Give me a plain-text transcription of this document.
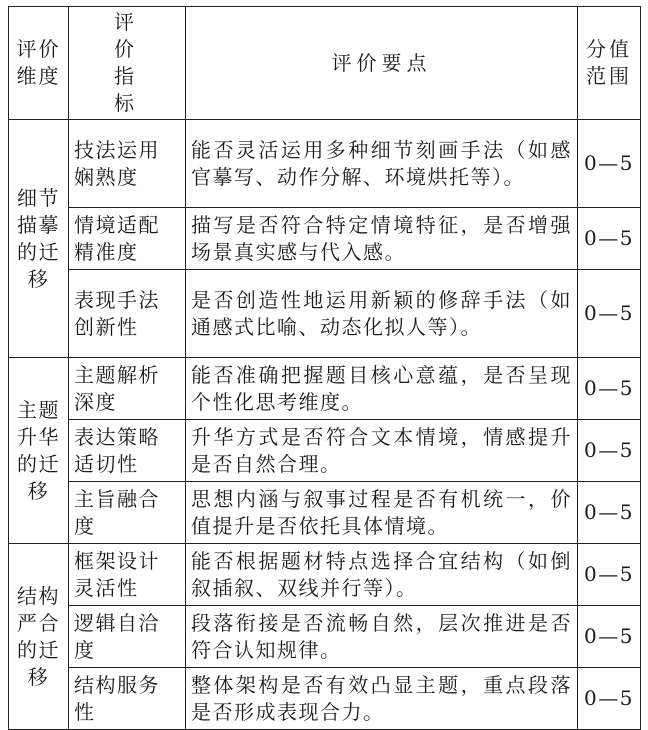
评价维度	评价指标	评价要点	分值范围

细节描摹的迁移	技法运用娴熟度	能否灵活运用多种细节刻画手法（如感官摹写、动作分解、环境烘托等）。	0—5
	情境适配精准度	描写是否符合特定情境特征，是否增强场景真实感与代入感。	0—5
	表现手法创新性	是否创造性地运用新颖的修辞手法（如通感式比喻、动态化拟人等）。	0—5

主题升华的迁移	主题解析深度	能否准确把握题目核心意蕴，是否呈现个性化思考维度。	0—5
	表达策略适切性	升华方式是否符合文本情境，情感提升是否自然合理。	0—5
	主旨融合度	思想内涵与叙事过程是否有机统一，价值提升是否依托具体情境。	0—5

结构严合的迁移	框架设计灵活性	能否根据题材特点选择合宜结构（如倒叙插叙、双线并行等）。	0—5
	逻辑自洽度	段落衔接是否流畅自然，层次推进是否符合认知规律。	0—5
	结构服务性	整体架构是否有效凸显主题，重点段落是否形成表现合力。	0—5
